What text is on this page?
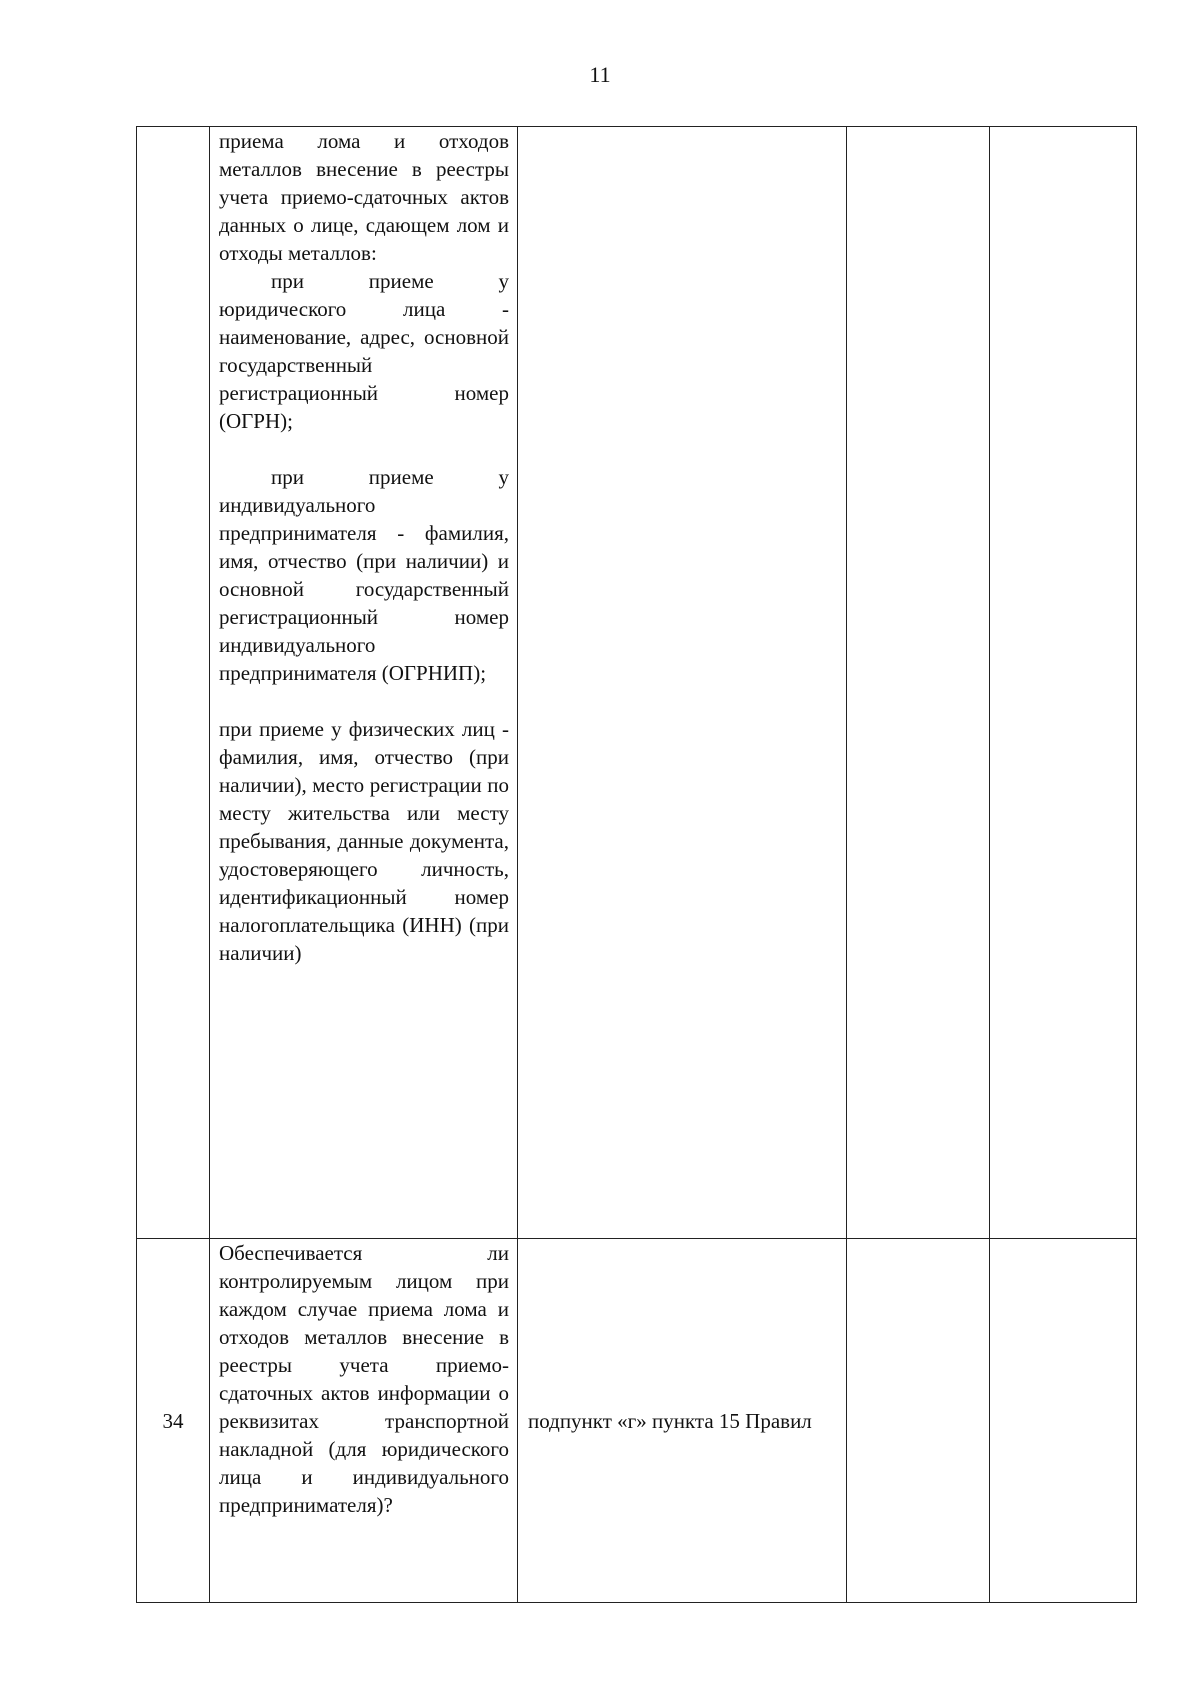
11

	приема лома и отходов металлов внесение в реестры учета приемо-сдаточных актов данных о лице, сдающем лом и отходы металлов:

при приеме у юридического лица - наименование, адрес, основной государственный регистрационный номер (ОГРН);

при приеме у индивидуального предпринимателя - фамилия, имя, отчество (при наличии) и основной государственный регистрационный номер индивидуального предпринимателя (ОГРНИП);

при приеме у физических лиц - фамилия, имя, отчество (при наличии), место регистрации по месту жительства или месту пребывания, данные документа, удостоверяющего личность, идентификационный номер налогоплательщика (ИНН) (при наличии)			

34	Обеспечивается ли контролируемым лицом при каждом случае приема лома и отходов металлов внесение в реестры учета приемо-сдаточных актов информации о реквизитах транспортной накладной (для юридического лица и индивидуального предпринимателя)?	подпункт «г» пункта 15 Правил		
